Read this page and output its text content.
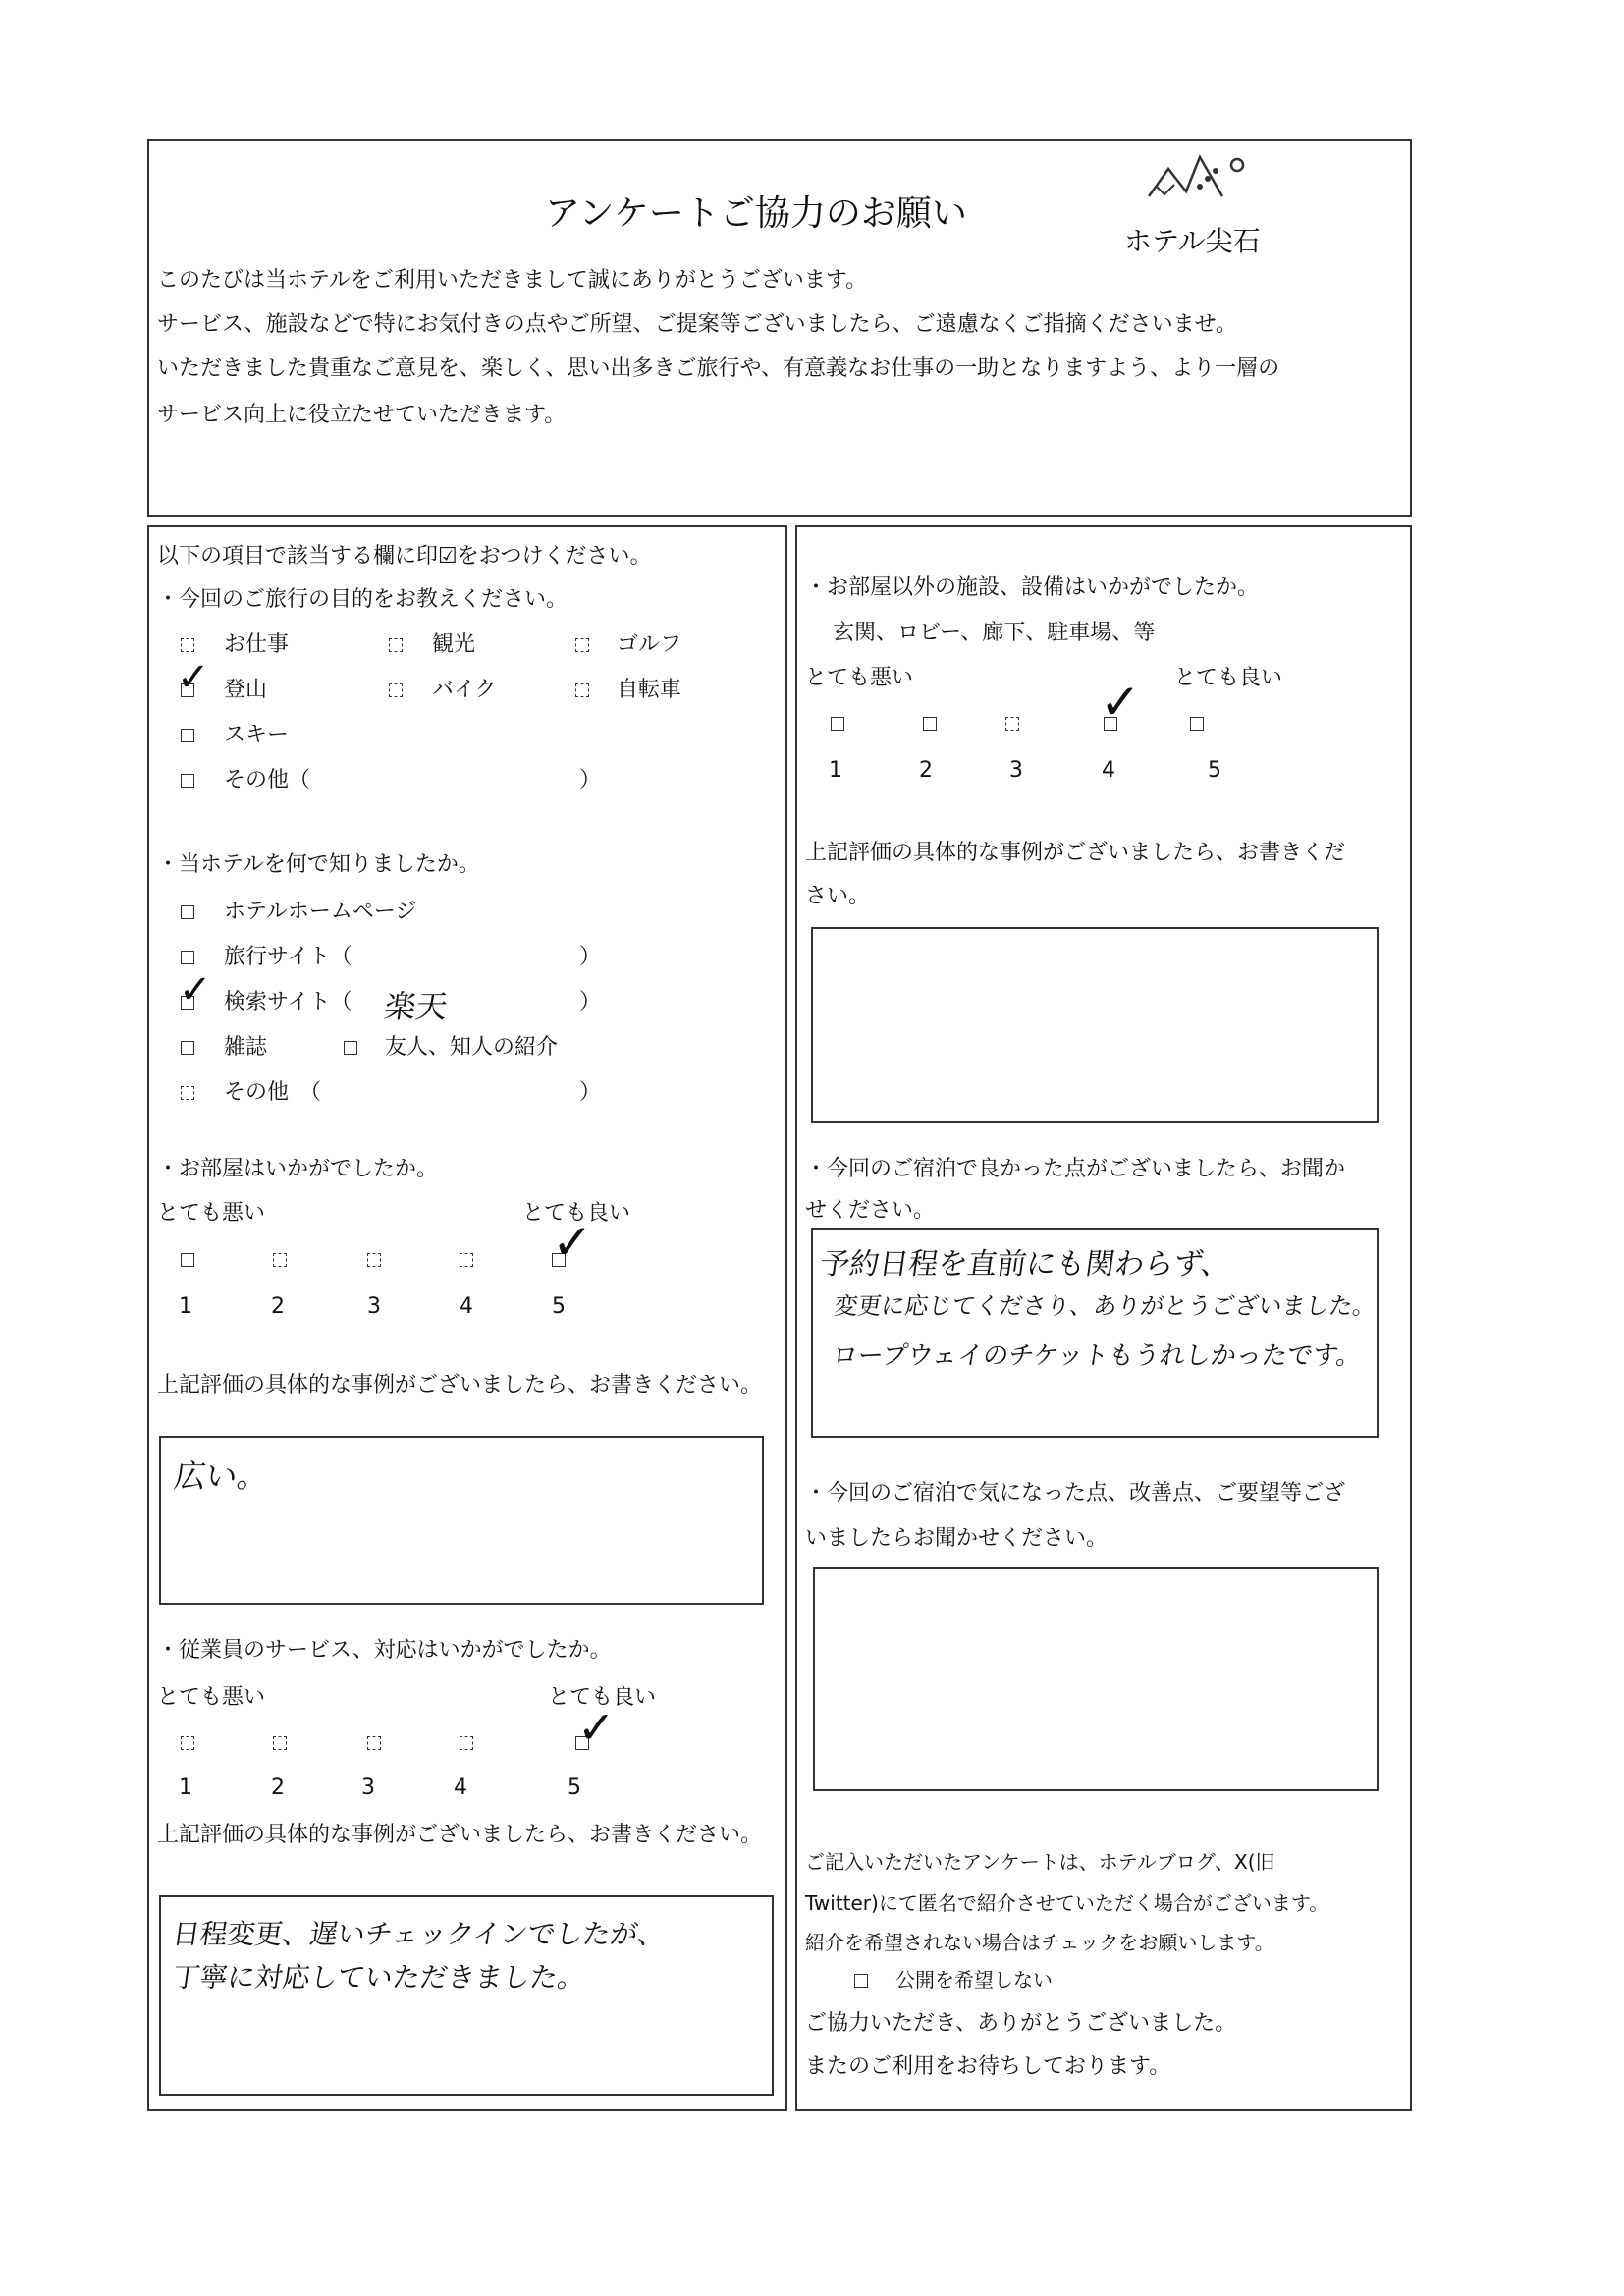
アンケートご協力のお願い
ホテル尖石
このたびは当ホテルをご利用いただきまして誠にありがとうございます。
サービス、施設などで特にお気付きの点やご所望、ご提案等ございましたら、ご遠慮なくご指摘くださいませ。
いただきました貴重なご意見を、楽しく、思い出多きご旅行や、有意義なお仕事の一助となりますよう、より一層の
サービス向上に役立たせていただきます。
以下の項目で該当する欄に印☑をおつけください。
・今回のご旅行の目的をお教えください。
お仕事	観光	ゴルフ
✓ 登山	バイク	自転車
スキー
その他（	）
・当ホテルを何で知りましたか。
ホテルホームページ
旅行サイト（	）
✓ 検索サイト（ 楽天	）
雑誌	友人、知人の紹介
その他　（	）
・お部屋はいかがでしたか。
とても悪い	とても良い
✓
1	2	3	4	5
上記評価の具体的な事例がございましたら、お書きください。
広い。
・従業員のサービス、対応はいかがでしたか。
とても悪い	とても良い
✓
1	2	3	4	5
上記評価の具体的な事例がございましたら、お書きください。
日程変更、遅いチェックインでしたが、
丁寧に対応していただきました。
・お部屋以外の施設、設備はいかがでしたか。
玄関、ロビー、廊下、駐車場、等
とても悪い	とても良い
✓
1	2	3	4	5
上記評価の具体的な事例がございましたら、お書きくだ
さい。
・今回のご宿泊で良かった点がございましたら、お聞か
せください。
予約日程を直前にも関わらず、
変更に応じてくださり、ありがとうございました。
ロープウェイのチケットもうれしかったです。
・今回のご宿泊で気になった点、改善点、ご要望等ござ
いましたらお聞かせください。
ご記入いただいたアンケートは、ホテルブログ、X(旧
Twitter)にて匿名で紹介させていただく場合がございます。
紹介を希望されない場合はチェックをお願いします。
公開を希望しない
ご協力いただき、ありがとうございました。
またのご利用をお待ちしております。
